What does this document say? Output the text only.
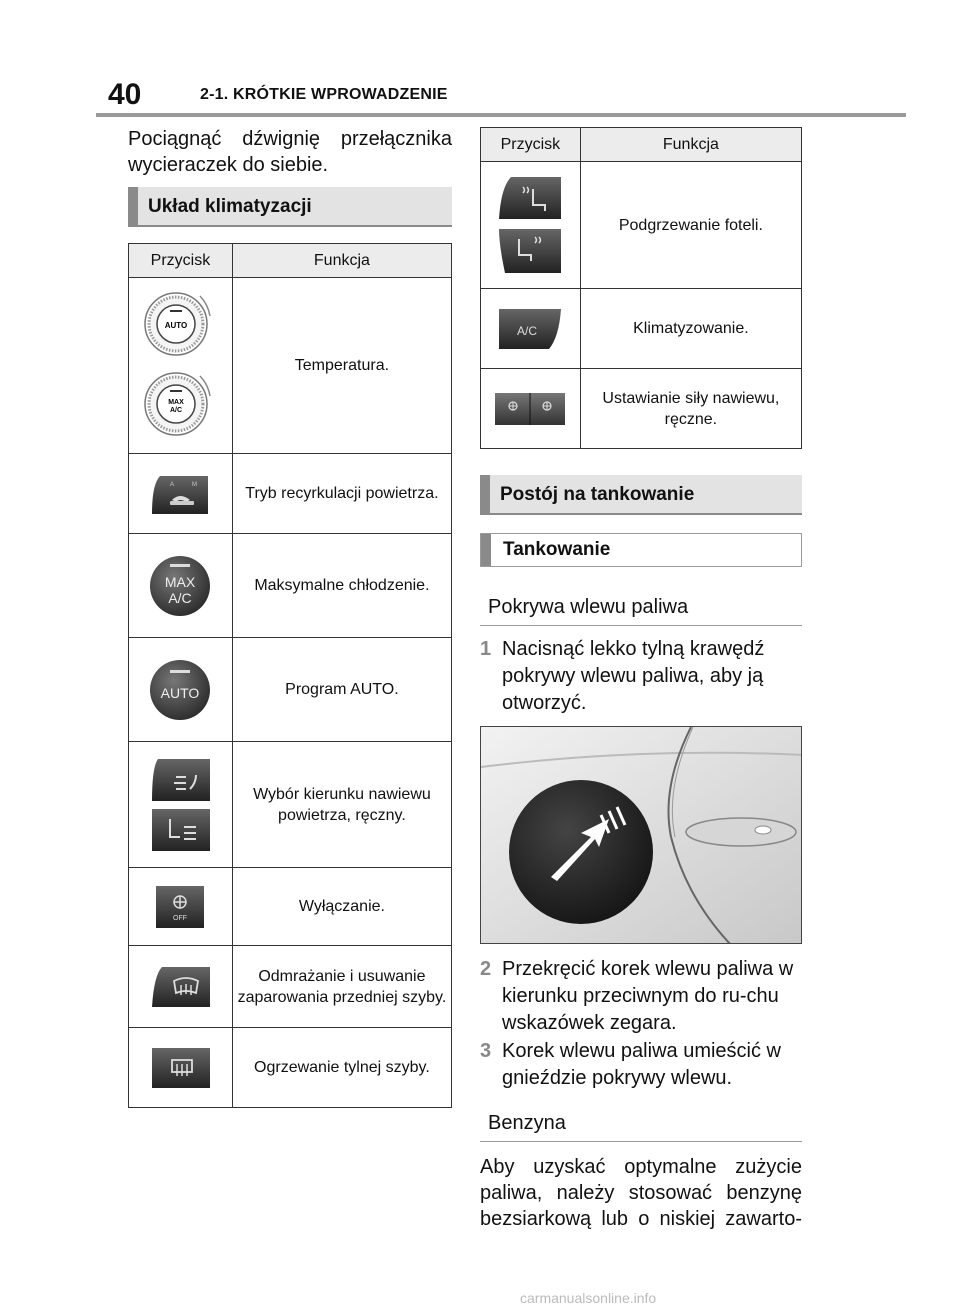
40	2-1. KRÓTKIE WPROWADZENIE
Pociągnąć dźwignię przełącznika
wycieraczek do siebie.
Układ klimatyzacji
Przycisk	Funkcja

AUTO
MAX
A/C	Temperatura.

A M	Tryb recyrkulacji powietrza.

MAX
A/C	Maksymalne chłodzenie.

AUTO	Program AUTO.

	Wybór kierunku nawiewu powietrza, ręczny.

OFF	Wyłączanie.

	Odmrażanie i usuwanie zaparowania przedniej szyby.

	Ogrzewanie tylnej szyby.
Przycisk	Funkcja

	Podgrzewanie foteli.

A/C	Klimatyzowanie.

	Ustawianie siły nawiewu, ręczne.
Postój na tankowanie
Tankowanie
Pokrywa wlewu paliwa
1 Nacisnąć lekko tylną krawędź pokrywy wlewu paliwa, aby ją otworzyć.
2 Przekręcić korek wlewu paliwa w kierunku przeciwnym do ru-chu wskazówek zegara.
3 Korek wlewu paliwa umieścić w gnieździe pokrywy wlewu.
Benzyna
Aby uzyskać optymalne zużycie
paliwa, należy stosować benzynę
bezsiarkową lub o niskiej zawarto-
carmanualsonline.info
